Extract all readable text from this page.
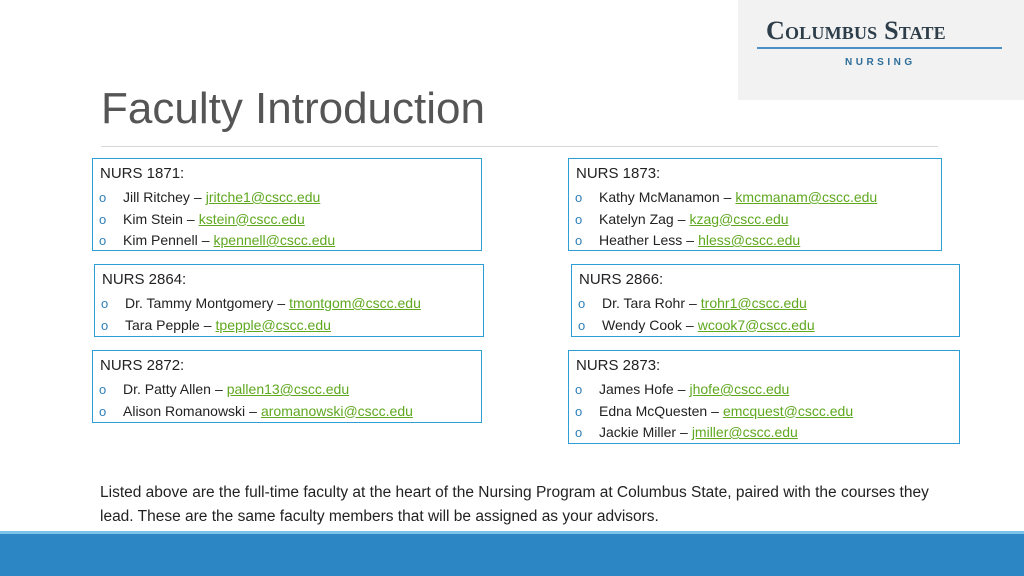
Columbus State
NURSING
Faculty Introduction
NURS 1871:
o Jill Ritchey – jritche1@cscc.edu
o Kim Stein – kstein@cscc.edu
o Kim Pennell – kpennell@cscc.edu
NURS 1873:
o Kathy McManamon – kmcmanam@cscc.edu
o Katelyn Zag – kzag@cscc.edu
o Heather Less – hless@cscc.edu
NURS 2864:
o Dr. Tammy Montgomery – tmontgom@cscc.edu
o Tara Pepple – tpepple@cscc.edu
NURS 2866:
o Dr. Tara Rohr – trohr1@cscc.edu
o Wendy Cook – wcook7@cscc.edu
NURS 2872:
o Dr. Patty Allen – pallen13@cscc.edu
o Alison Romanowski – aromanowski@cscc.edu
NURS 2873:
o James Hofe – jhofe@cscc.edu
o Edna McQuesten – emcquest@cscc.edu
o Jackie Miller – jmiller@cscc.edu

Listed above are the full-time faculty at the heart of the Nursing Program at Columbus State, paired with the courses they lead. These are the same faculty members that will be assigned as your advisors.
